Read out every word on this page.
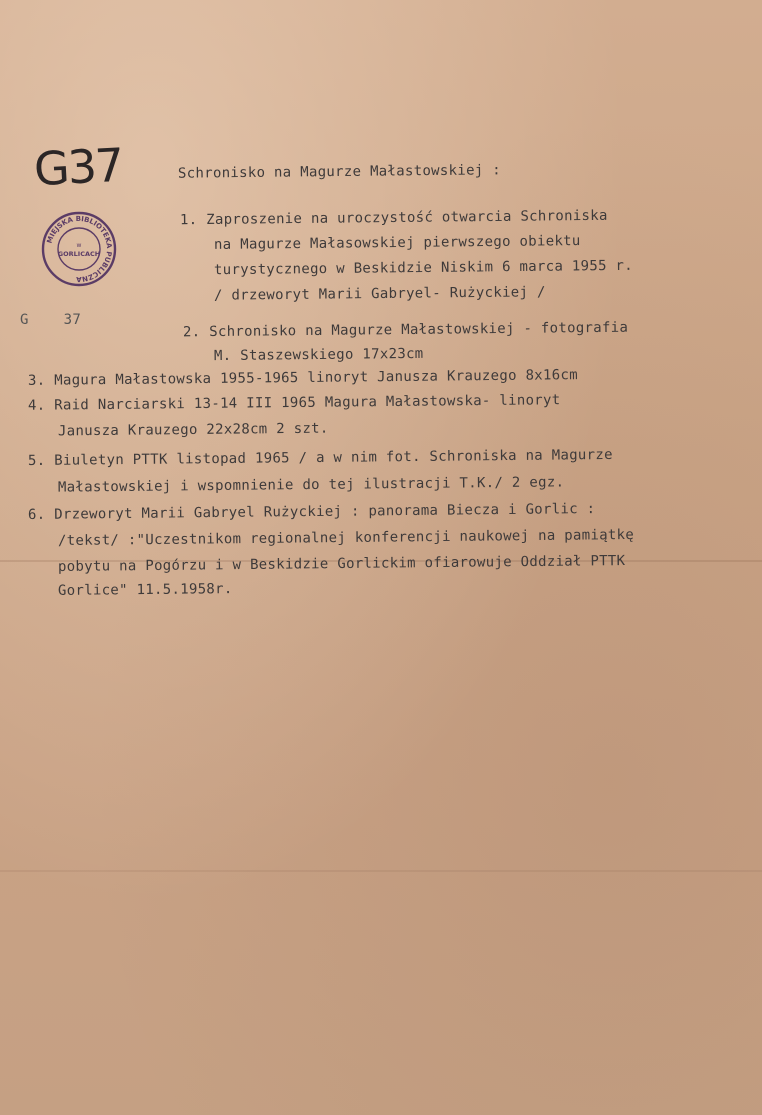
G37
MIEJSKA BIBLIOTEKA PUBLICZNA
w
GORLICACH
G    37
Schronisko na Magurze Małastowskiej :
1. Zaproszenie na uroczystość otwarcia Schroniska
na Magurze Małasowskiej pierwszego obiektu
turystycznego w Beskidzie Niskim 6 marca 1955 r.
/ drzeworyt Marii Gabryel- Rużyckiej /
2. Schronisko na Magurze Małastowskiej - fotografia
M. Staszewskiego 17x23cm
3. Magura Małastowska 1955-1965 linoryt Janusza Krauzego 8x16cm
4. Raid Narciarski 13-14 III 1965 Magura Małastowska- linoryt
Janusza Krauzego 22x28cm 2 szt.
5. Biuletyn PTTK listopad 1965 / a w nim fot. Schroniska na Magurze
Małastowskiej i wspomnienie do tej ilustracji T.K./ 2 egz.
6. Drzeworyt Marii Gabryel Rużyckiej : panorama Biecza i Gorlic :
/tekst/ :"Uczestnikom regionalnej konferencji naukowej na pamiątkę
pobytu na Pogórzu i w Beskidzie Gorlickim ofiarowuje Oddział PTTK
Gorlice" 11.5.1958r.
